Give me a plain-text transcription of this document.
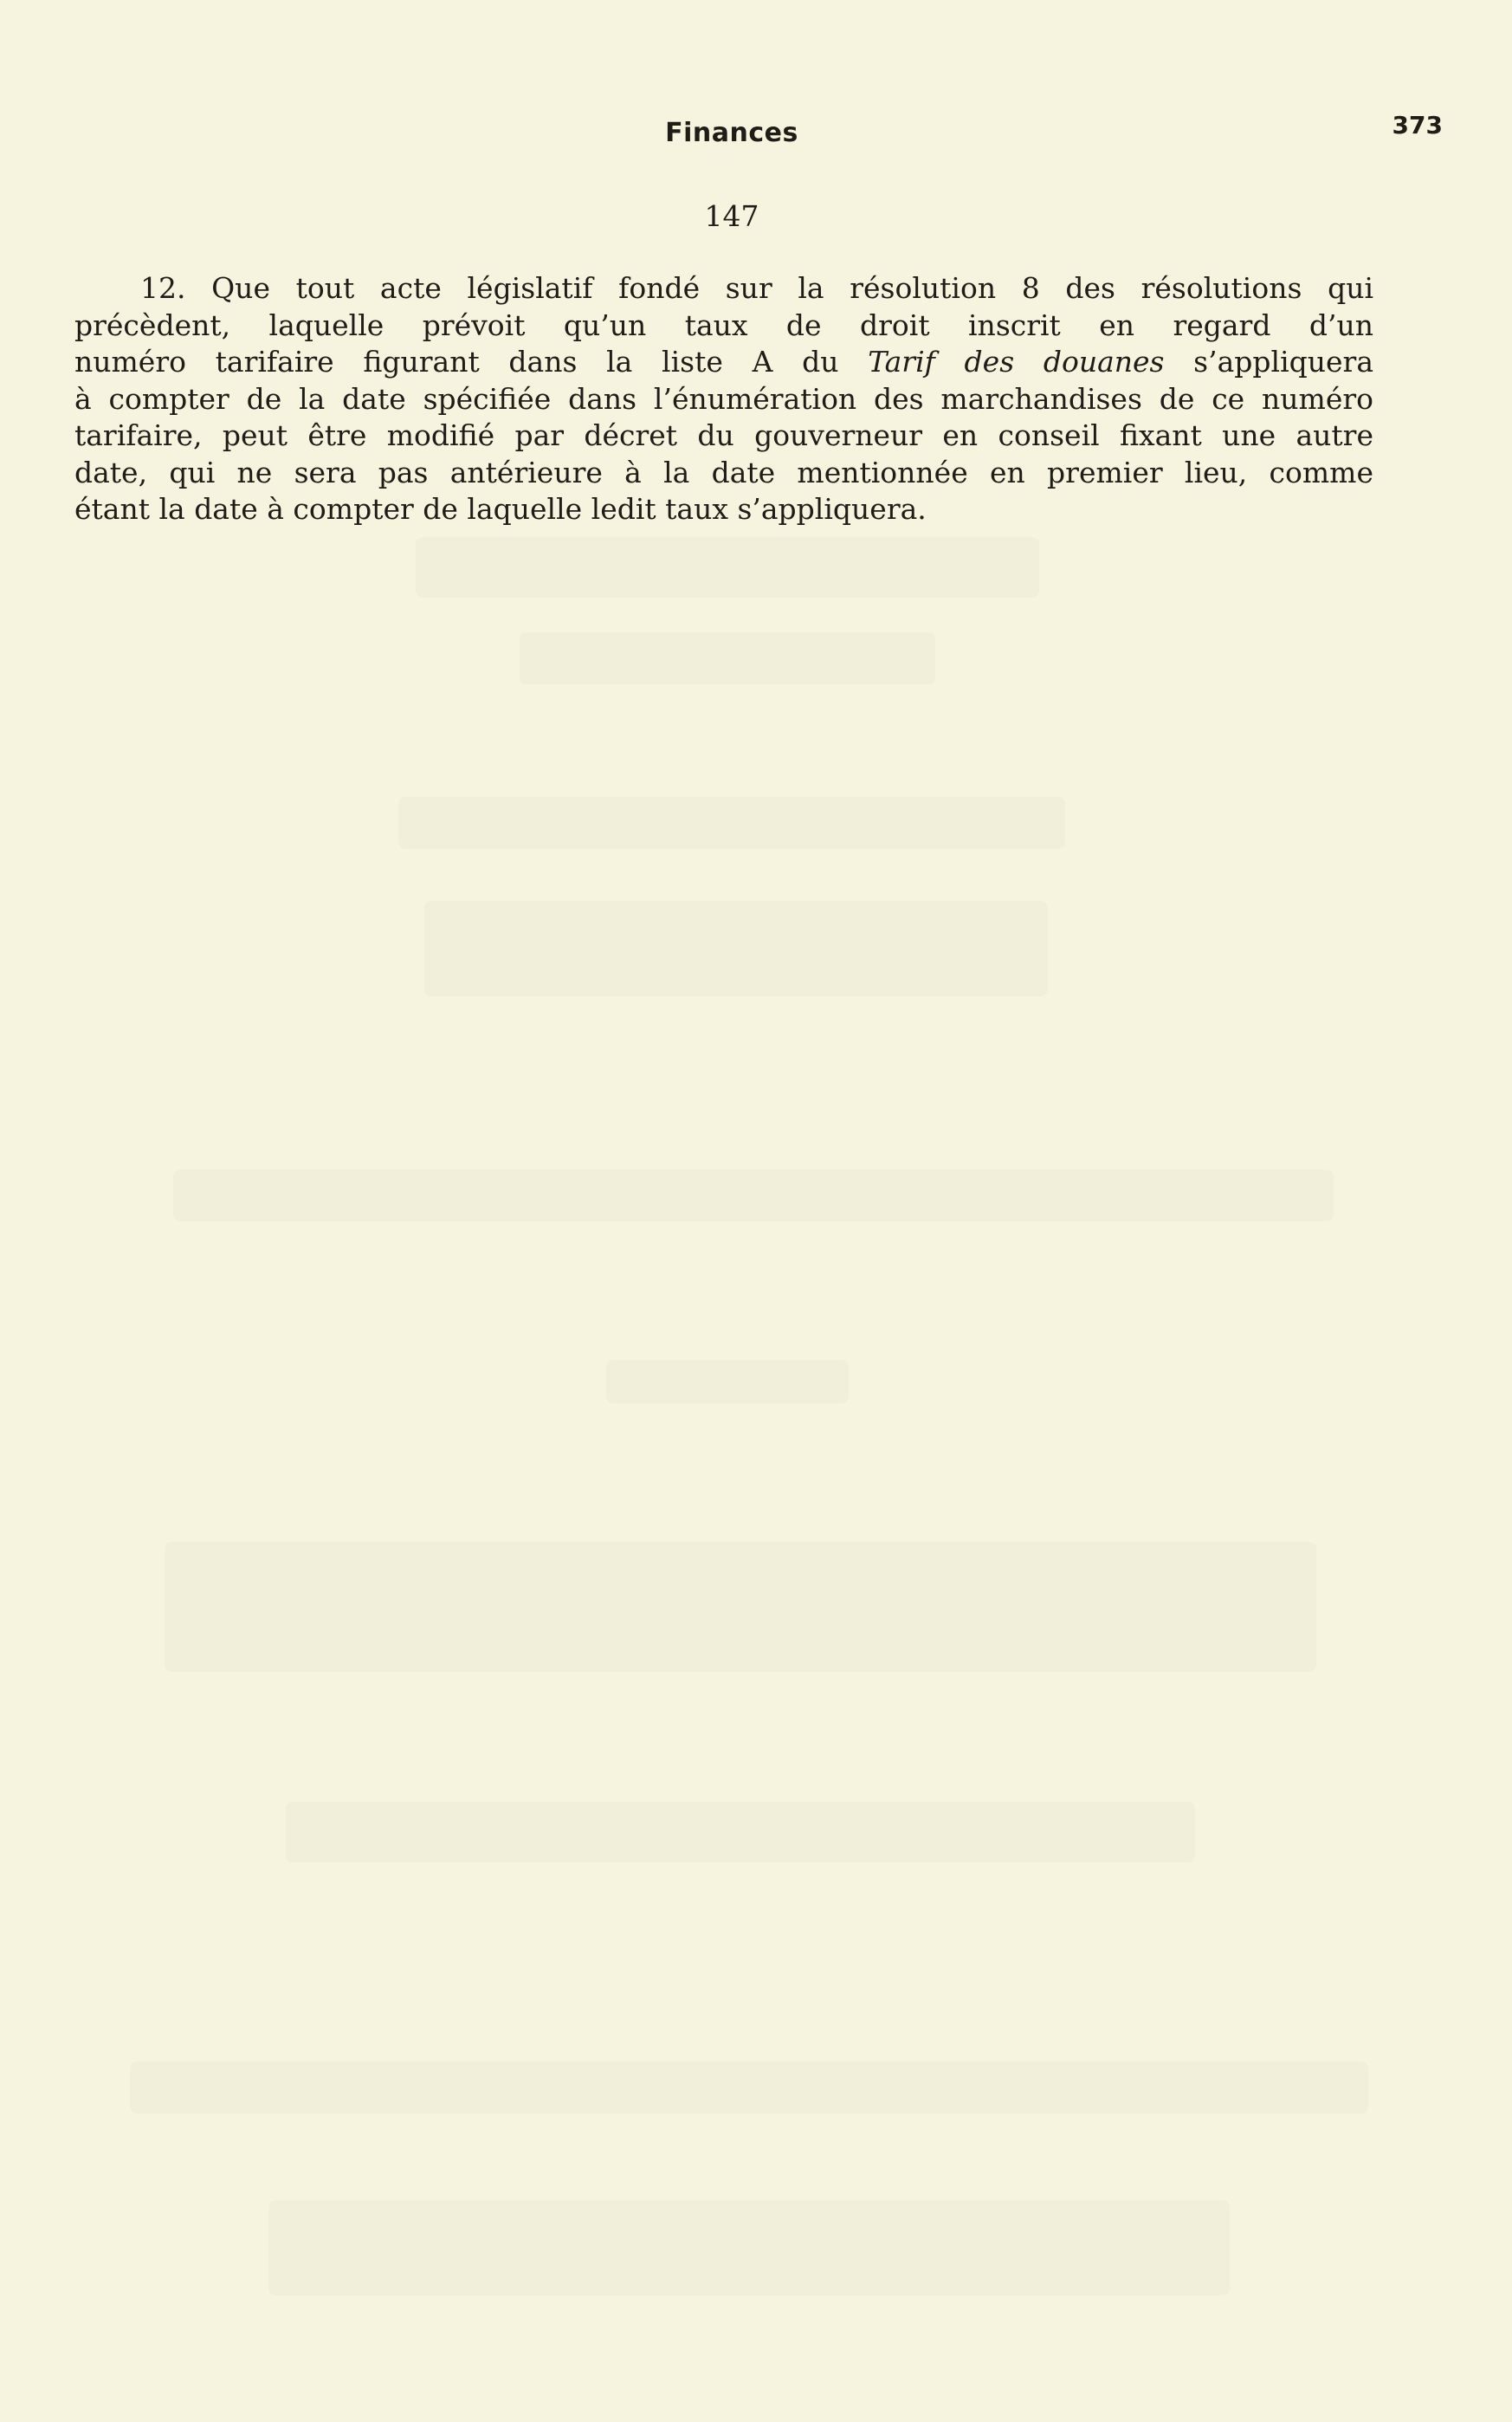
Finances	373
147
12. Que tout acte législatif fondé sur la résolution 8 des résolutions qui
précèdent, laquelle prévoit qu’un taux de droit inscrit en regard d’un
numéro tarifaire figurant dans la liste A du Tarif des douanes s’appliquera
à compter de la date spécifiée dans l’énumération des marchandises de ce numéro
tarifaire, peut être modifié par décret du gouverneur en conseil fixant une autre
date, qui ne sera pas antérieure à la date mentionnée en premier lieu, comme
étant la date à compter de laquelle ledit taux s’appliquera.
